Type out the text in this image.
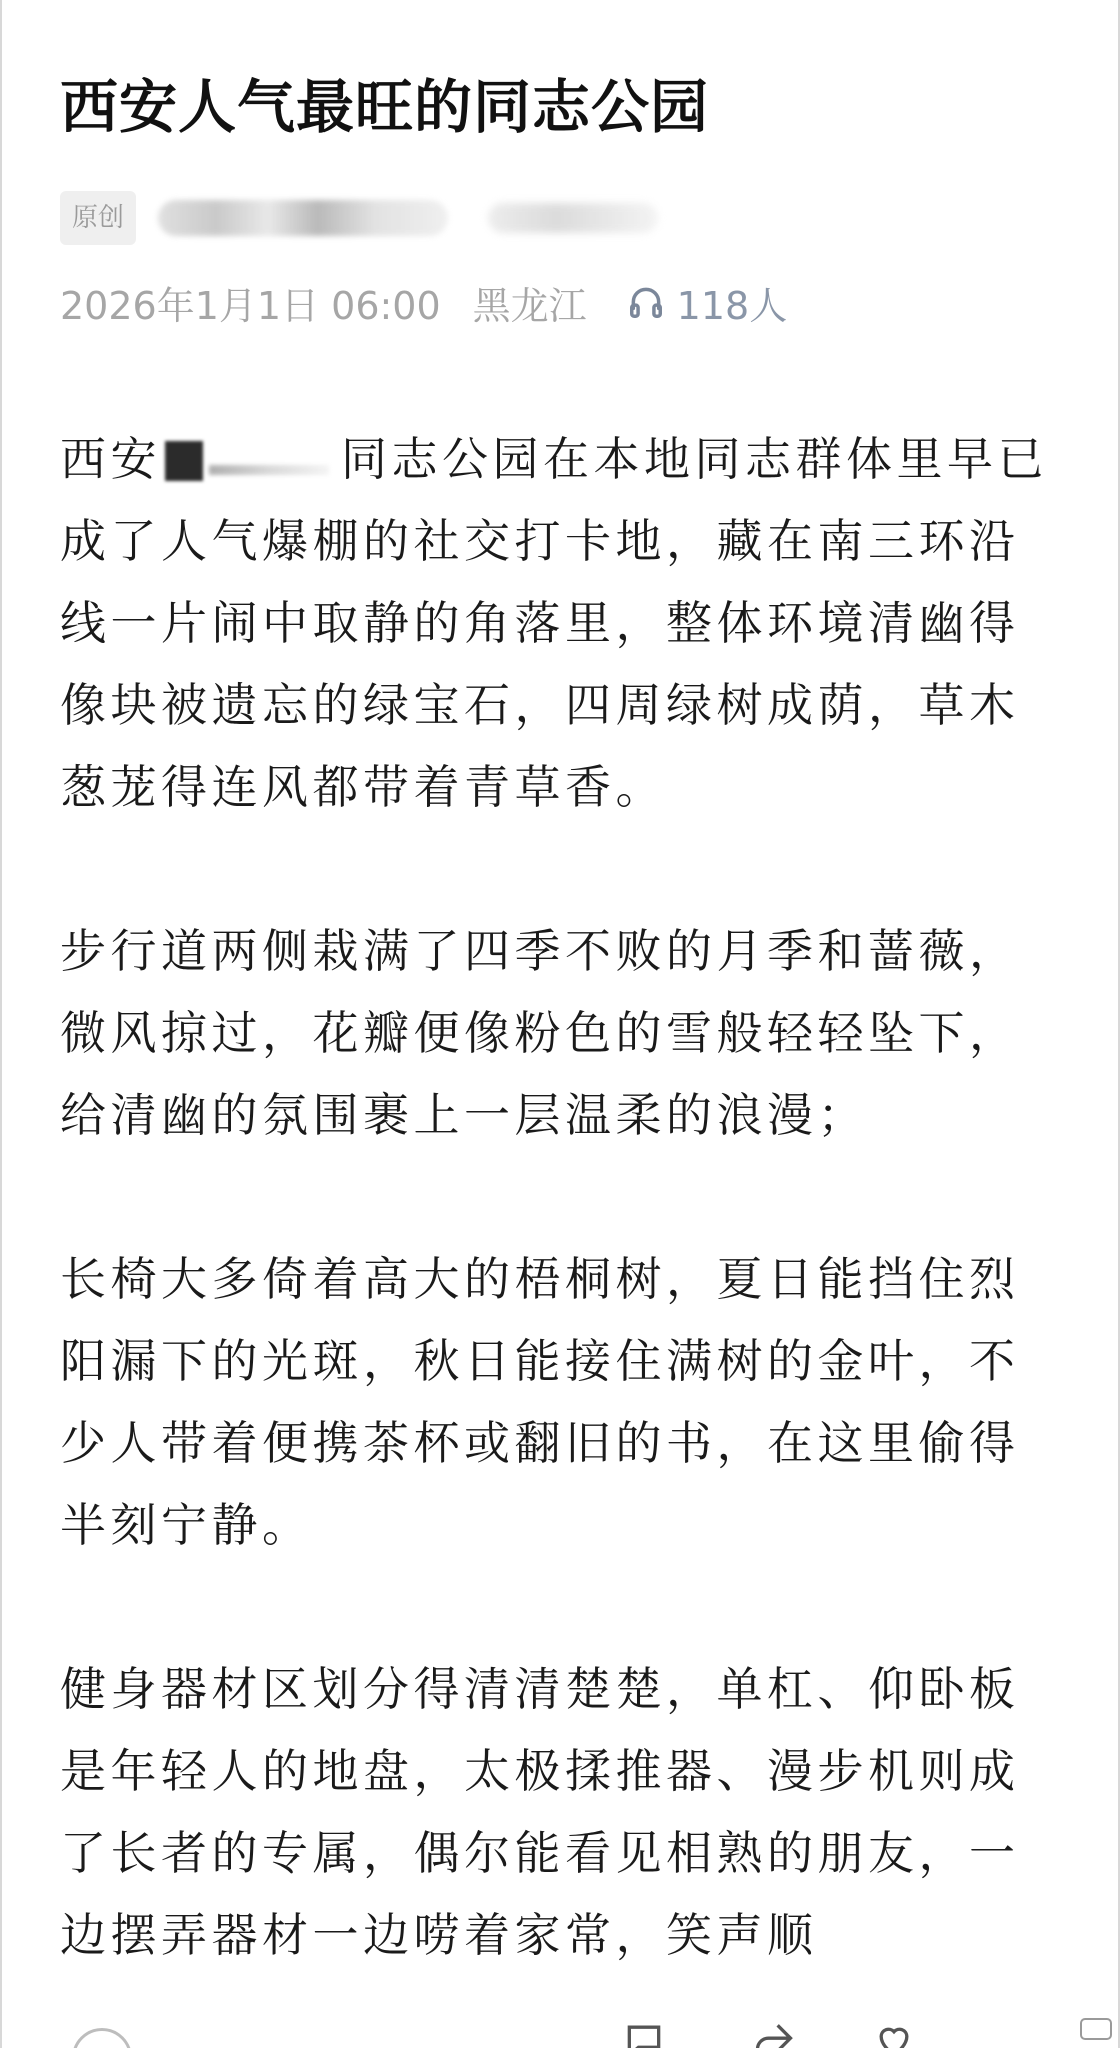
西安人气最旺的同志公园
原创
2026年1月1日 06:00 黑龙江 118人

西安	同志公园在本地同志群体里早已成了人气爆棚的社交打卡地，藏在南三环沿线一片闹中取静的角落里，整体环境清幽得像块被遗忘的绿宝石，四周绿树成荫，草木葱茏得连风都带着青草香。

步行道两侧栽满了四季不败的月季和蔷薇，微风掠过，花瓣便像粉色的雪般轻轻坠下，给清幽的氛围裹上一层温柔的浪漫；

长椅大多倚着高大的梧桐树，夏日能挡住烈阳漏下的光斑，秋日能接住满树的金叶，不少人带着便携茶杯或翻旧的书，在这里偷得半刻宁静。

健身器材区划分得清清楚楚，单杠、仰卧板是年轻人的地盘，太极揉推器、漫步机则成了长者的专属，偶尔能看见相熟的朋友，一边摆弄器材一边唠着家常，笑声顺
